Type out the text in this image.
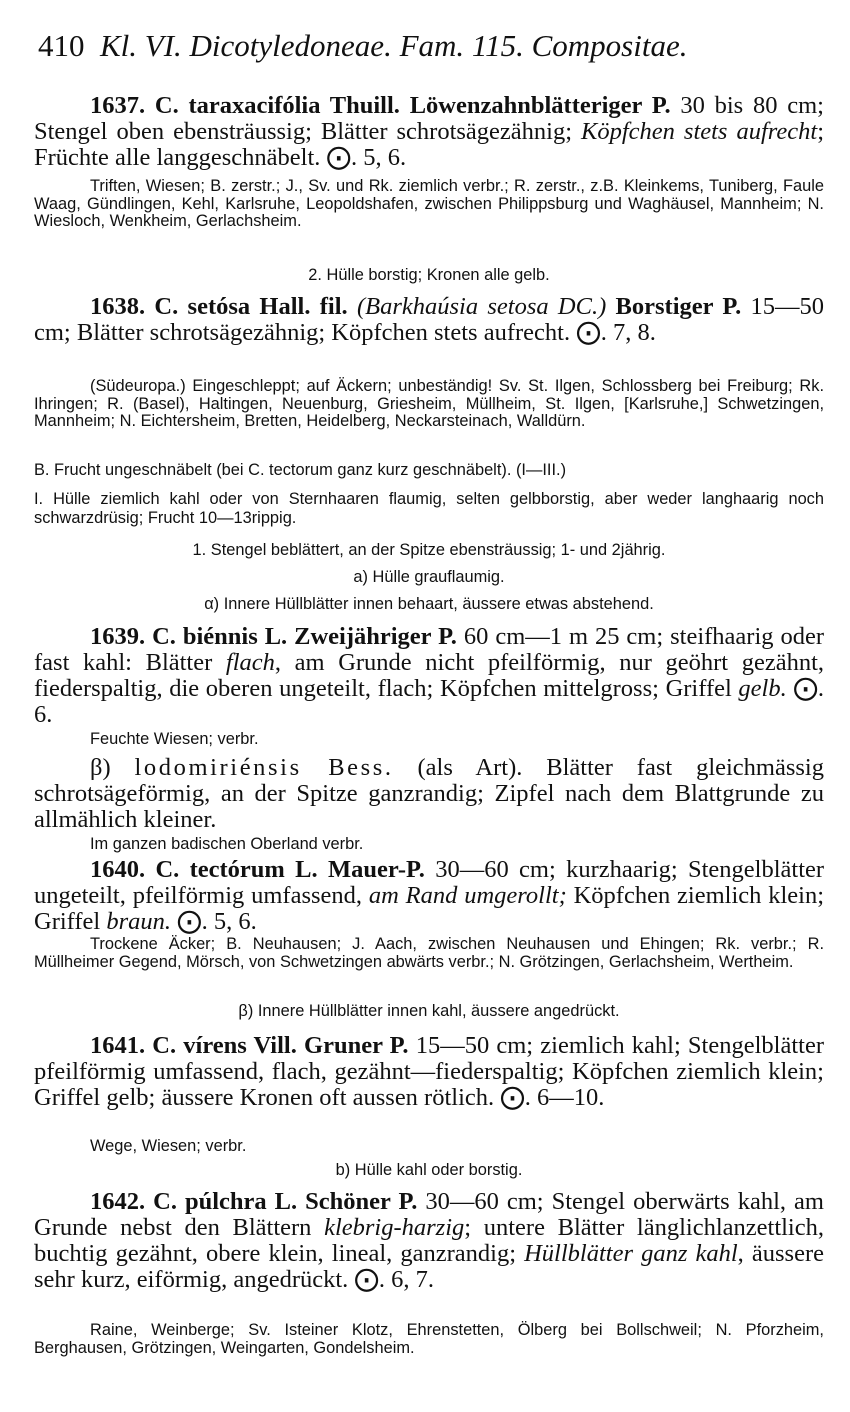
410 Kl. VI. Dicotyledoneae. Fam. 115. Compositae.
1637. C. taraxacifólia Thuill. Löwenzahnblätteriger P. 30 bis 80 cm; Stengel oben ebensträussig; Blätter schrotsägezähnig; Köpfchen stets aufrecht; Früchte alle langgeschnäbelt. ⨀. 5, 6.
Triften, Wiesen; B. zerstr.; J., Sv. und Rk. ziemlich verbr.; R. zerstr., z.B. Kleinkems, Tuniberg, Faule Waag, Gündlingen, Kehl, Karlsruhe, Leopoldshafen, zwischen Philippsburg und Waghäusel, Mannheim; N. Wiesloch, Wenkheim, Gerlachsheim.
2. Hülle borstig; Kronen alle gelb.
1638. C. setósa Hall. fil. (Barkhaúsia setosa DC.) Borstiger P. 15—50 cm; Blätter schrotsägezähnig; Köpfchen stets aufrecht. ⨀. 7, 8.
(Südeuropa.) Eingeschleppt; auf Äckern; unbeständig! Sv. St. Ilgen, Schlossberg bei Freiburg; Rk. Ihringen; R. (Basel), Haltingen, Neuenburg, Griesheim, Müllheim, St. Ilgen, [Karlsruhe,] Schwetzingen, Mannheim; N. Eichtersheim, Bretten, Heidelberg, Neckarsteinach, Walldürn.
B. Frucht ungeschnäbelt (bei C. tectorum ganz kurz geschnäbelt). (I—III.)
I. Hülle ziemlich kahl oder von Sternhaaren flaumig, selten gelbborstig, aber weder langhaarig noch schwarzdrüsig; Frucht 10—13rippig.
1. Stengel beblättert, an der Spitze ebensträussig; 1- und 2jährig.
a) Hülle grauflaumig.
α) Innere Hüllblätter innen behaart, äussere etwas abstehend.
1639. C. biénnis L. Zweijähriger P. 60 cm—1 m 25 cm; steifhaarig oder fast kahl: Blätter flach, am Grunde nicht pfeilförmig, nur geöhrt gezähnt, fiederspaltig, die oberen ungeteilt, flach; Köpfchen mittelgross; Griffel gelb. ⨀. 6.
Feuchte Wiesen; verbr.
β) lodomiriénsis Bess. (als Art). Blätter fast gleichmässig schrotsägeförmig, an der Spitze ganzrandig; Zipfel nach dem Blattgrunde zu allmählich kleiner.
Im ganzen badischen Oberland verbr.
1640. C. tectórum L. Mauer-P. 30—60 cm; kurzhaarig; Stengelblätter ungeteilt, pfeilförmig umfassend, am Rand umgerollt; Köpfchen ziemlich klein; Griffel braun. ⨀. 5, 6.
Trockene Äcker; B. Neuhausen; J. Aach, zwischen Neuhausen und Ehingen; Rk. verbr.; R. Müllheimer Gegend, Mörsch, von Schwetzingen abwärts verbr.; N. Grötzingen, Gerlachsheim, Wertheim.
β) Innere Hüllblätter innen kahl, äussere angedrückt.
1641. C. vírens Vill. Gruner P. 15—50 cm; ziemlich kahl; Stengelblätter pfeilförmig umfassend, flach, gezähnt—fiederspaltig; Köpfchen ziemlich klein; Griffel gelb; äussere Kronen oft aussen rötlich. ⨀. 6—10.
Wege, Wiesen; verbr.
b) Hülle kahl oder borstig.
1642. C. púlchra L. Schöner P. 30—60 cm; Stengel oberwärts kahl, am Grunde nebst den Blättern klebrig-harzig; untere Blätter länglichlanzettlich, buchtig gezähnt, obere klein, lineal, ganzrandig; Hüllblätter ganz kahl, äussere sehr kurz, eiförmig, angedrückt. ⨀. 6, 7.
Raine, Weinberge; Sv. Isteiner Klotz, Ehrenstetten, Ölberg bei Bollschweil; N. Pforzheim, Berghausen, Grötzingen, Weingarten, Gondelsheim.
